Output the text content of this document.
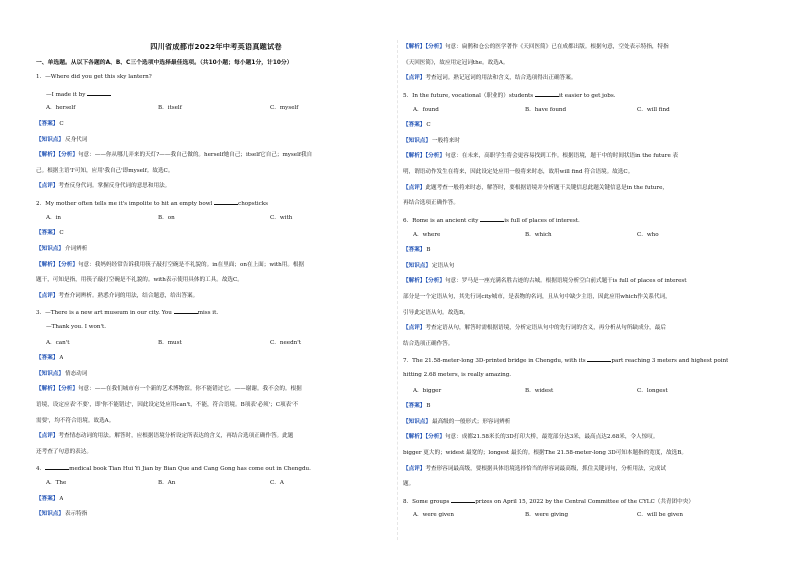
四川省成都市2022年中考英语真题试卷
一、单选题。从以下各题的A、B、C三个选项中选择最佳选项。（共10小题；每小题1分，计10分）
1．—Where did you get this sky lantern?
—I made it by
A．herself	B．itself	C．myself
【答案】C
【知识点】反身代词
【解析】【分析】句意：——你从哪儿弄来的天灯?——我自己做的。herself她自己；itself它自己；myself我自
己。根据主语'I'可知，应用'我自己'即myself。故选C。
【点评】考查反身代词。掌握反身代词的意思和用法。
2．My mother often tells me it's impolite to hit an empty bowl	chopsticks
A．in	B．on	C．with
【答案】C
【知识点】介词辨析
【解析】【分析】句意：我妈妈经常告诉我用筷子敲打空碗是不礼貌的。in在里面；on在上面；with用。根据
题干，可知是指，用筷子敲打空碗是不礼貌的。with表示使用具体的工具。故选C。
【点评】考查介词辨析。熟悉介词的用法，结合题意，给出答案。
3．—There is a new art museum in our city. You	miss it.
—Thank you. I won't.
A．can't	B．must	C．needn't
【答案】A
【知识点】情态动词
【解析】【分析】句意：——在我们城市有一个新的艺术博物馆。你不能错过它。——谢谢。我不会的。根据
语境，设定应表'不要'，即'你不能错过'，因此设定处应用can't，不能，符合语境。B项表'必须'；C项表'不
需要'，均不符合语境。故选A。
【点评】考查情态动词的用法。解答时，应根据语境分析设定所表达的含义，再结合选项正确作答。此题
还考查了句意的表达。
4．	medical book Tian Hui Yi Jian by Bian Que and Cang Gong has come out in Chengdu.
A．The	B．An	C．A
【答案】A
【知识点】表示特指
【解析】【分析】句意：扁鹊和仓公的医学著作《天回医简》已在成都出版。根据句意，空处表示特指，特指
《天回医简》，故应用定冠词the。故选A。
【点评】考查冠词。熟记冠词的用法和含义，结合选项得出正确答案。
5．In the future, vocational（职业的）students	it easier to get jobs.
A．found	B．have found	C．will find
【答案】C
【知识点】一般将来时
【解析】【分析】句意：在未来，高职学生将会更容易找到工作。根据语境，题干中的时间状语in the future 表
明，谓语动作发生在将来，因此设定处应用一般将来时态，故用will find 符合语境。故选C。
【点评】此题考查一般将来时态，解答时，要根据语境并分析题干关键信息此题关键信息是in the future，
再结合选项正确作答。
6．Rome is an ancient city	is full of places of interest.
A．where	B．which	C．who
【答案】B
【知识点】定语从句
【解析】【分析】句意：罗马是一座充满名胜古迹的古城。根据语境分析空白前式题干is full of places of interest
部分是一个定语从句，其先行词city城市，是表物的名词，且从句中缺少主语，因此应用which作关系代词，
引导此定语从句。故选B。
【点评】考查定语从句，解答时需根据语境，分析定语从句中的先行词的含义，再分析从句所缺成分，最后
结合选项正确作答。
7．The 21.58-meter-long 3D-printed bridge in Chengdu, with its	part reaching 3 meters and highest point
hitting 2.68 meters, is really amazing.
A．bigger	B．widest	C．longest
【答案】B
【知识点】最高级的一般形式；形容词辨析
【解析】【分析】句意：成都21.58米长的3D打印大桥，最宽部分达3米，最高点达2.68米，令人惊叹。
bigger 更大的；widest 最宽的；longest 最长的。根据The 21.58-meter-long 3D可知本题指的宽度，故选B。
【点评】考查形容词最高级，要根据具体语境选择恰当的形容词最高级，抓住关键词句，分析用法，完成试
题。
8．Some groups	prizes on April 15, 2022 by the Central Committee of the CYLC（共青团中央）
A．were given	B．were giving	C．will be given
